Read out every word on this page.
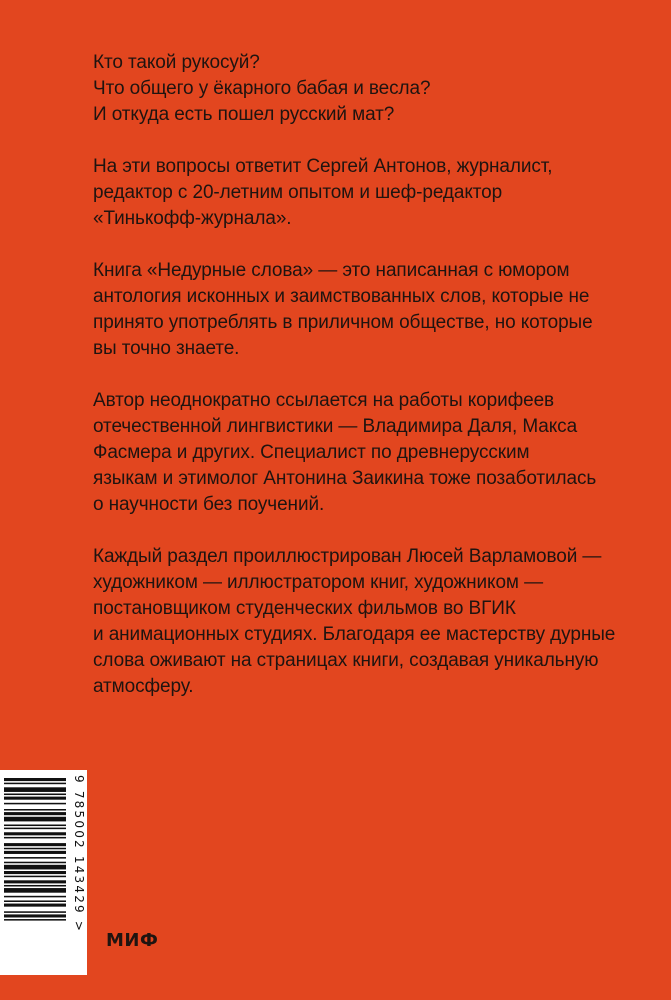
Кто такой рукосуй?
Что общего у ёкарного бабая и весла?
И откуда есть пошел русский мат?

На эти вопросы ответит Сергей Антонов, журналист,
редактор с 20-летним опытом и шеф-редактор
«Тинькофф-журнала».

Книга «Недурные слова» — это написанная с юмором
антология исконных и заимствованных слов, которые не
принято употреблять в приличном обществе, но которые
вы точно знаете.

Автор неоднократно ссылается на работы корифеев
отечественной лингвистики — Владимира Даля, Макса
Фасмера и других. Специалист по древнерусским
языкам и этимолог Антонина Заикина тоже позаботилась
о научности без поучений.

Каждый раздел проиллюстрирован Люсей Варламовой —
художником — иллюстратором книг, художником —
постановщиком студенческих фильмов во ВГИК
и анимационных студиях. Благодаря ее мастерству дурные
слова оживают на страницах книги, создавая уникальную
атмосферу.

9 785002 143429 >
МИФ
